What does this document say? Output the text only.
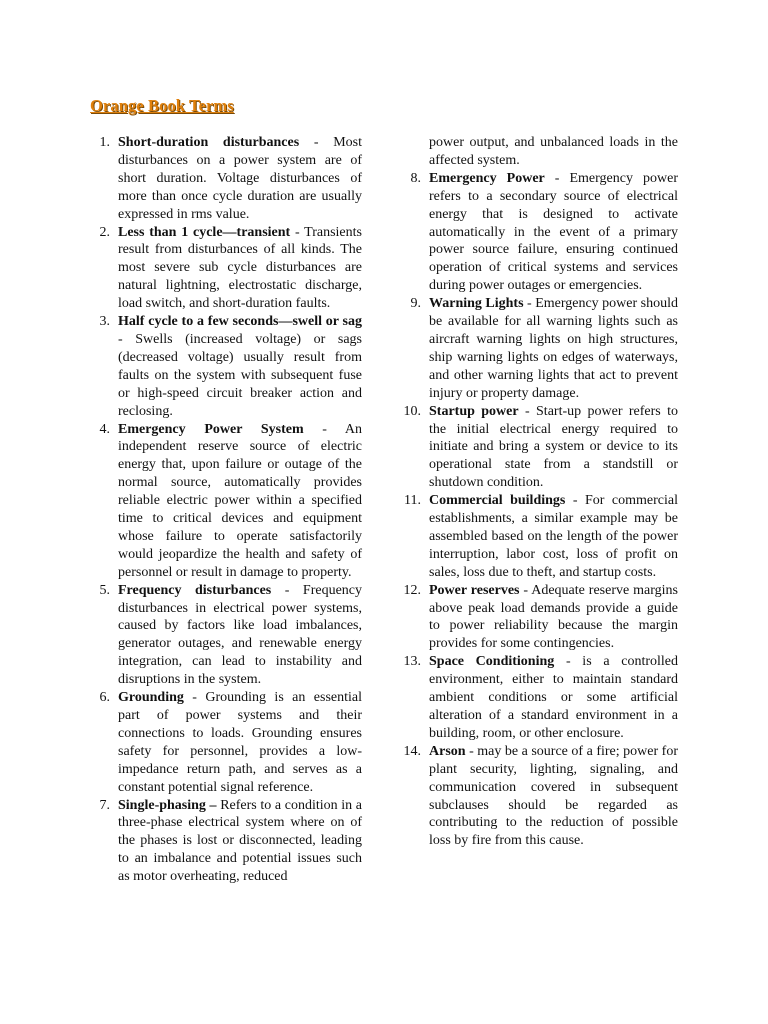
Orange Book Terms
1. Short-duration disturbances - Most disturbances on a power system are of short duration. Voltage disturbances of more than once cycle duration are usually expressed in rms value.
2. Less than 1 cycle—transient - Transients result from disturbances of all kinds. The most severe sub cycle disturbances are natural lightning, electrostatic discharge, load switch, and short-duration faults.
3. Half cycle to a few seconds—swell or sag - Swells (increased voltage) or sags (decreased voltage) usually result from faults on the system with subsequent fuse or high-speed circuit breaker action and reclosing.
4. Emergency Power System - An independent reserve source of electric energy that, upon failure or outage of the normal source, automatically provides reliable electric power within a specified time to critical devices and equipment whose failure to operate satisfactorily would jeopardize the health and safety of personnel or result in damage to property.
5. Frequency disturbances - Frequency disturbances in electrical power systems, caused by factors like load imbalances, generator outages, and renewable energy integration, can lead to instability and disruptions in the system.
6. Grounding - Grounding is an essential part of power systems and their connections to loads. Grounding ensures safety for personnel, provides a low-impedance return path, and serves as a constant potential signal reference.
7. Single-phasing – Refers to a condition in a three-phase electrical system where on of the phases is lost or disconnected, leading to an imbalance and potential issues such as motor overheating, reduced
power output, and unbalanced loads in the affected system.
8. Emergency Power - Emergency power refers to a secondary source of electrical energy that is designed to activate automatically in the event of a primary power source failure, ensuring continued operation of critical systems and services during power outages or emergencies.
9. Warning Lights - Emergency power should be available for all warning lights such as aircraft warning lights on high structures, ship warning lights on edges of waterways, and other warning lights that act to prevent injury or property damage.
10. Startup power - Start-up power refers to the initial electrical energy required to initiate and bring a system or device to its operational state from a standstill or shutdown condition.
11. Commercial buildings - For commercial establishments, a similar example may be assembled based on the length of the power interruption, labor cost, loss of profit on sales, loss due to theft, and startup costs.
12. Power reserves - Adequate reserve margins above peak load demands provide a guide to power reliability because the margin provides for some contingencies.
13. Space Conditioning - is a controlled environment, either to maintain standard ambient conditions or some artificial alteration of a standard environment in a building, room, or other enclosure.
14. Arson - may be a source of a fire; power for plant security, lighting, signaling, and communication covered in subsequent subclauses should be regarded as contributing to the reduction of possible loss by fire from this cause.
